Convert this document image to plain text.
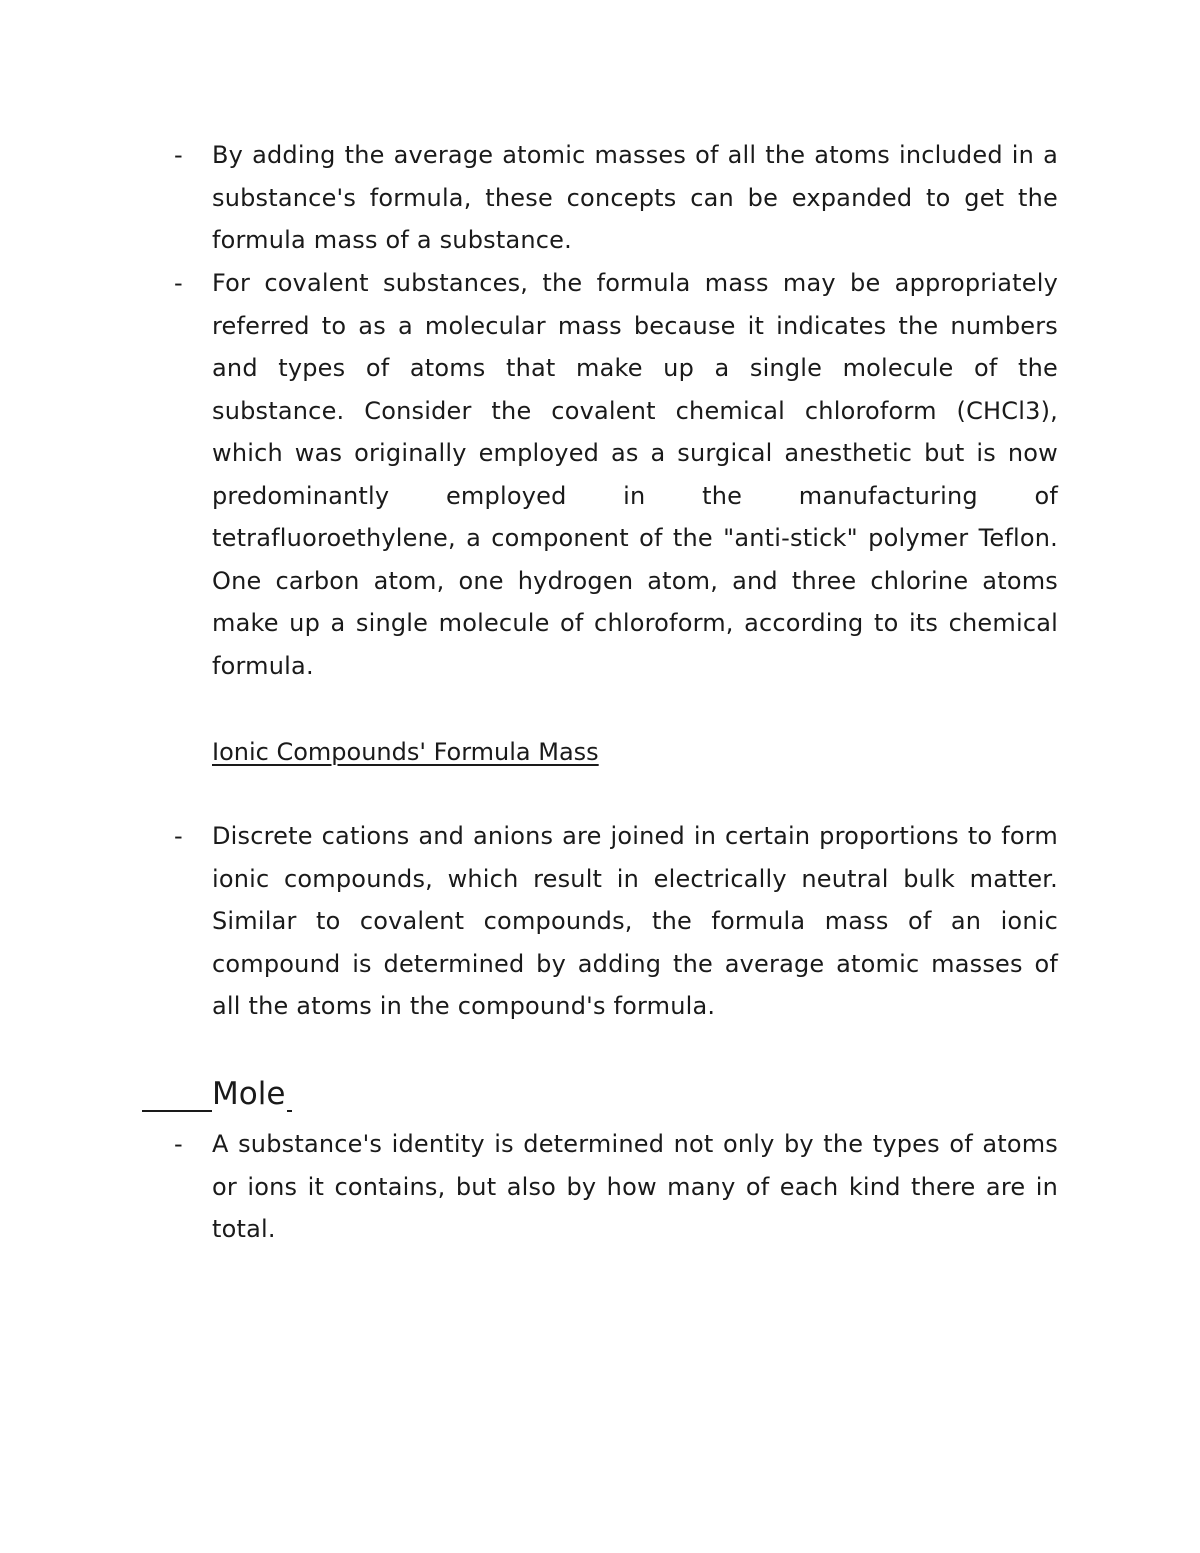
-	By adding the average atomic masses of all the atoms included in a substance's formula, these concepts can be expanded to get the formula mass of a substance.
-	For covalent substances, the formula mass may be appropriately referred to as a molecular mass because it indicates the numbers and types of atoms that make up a single molecule of the substance. Consider the covalent chemical chloroform (CHCl3), which was originally employed as a surgical anesthetic but is now predominantly employed in the manufacturing of tetrafluoroethylene, a component of the "anti-stick" polymer Teflon. One carbon atom, one hydrogen atom, and three chlorine atoms make up a single molecule of chloroform, according to its chemical formula.
Ionic Compounds' Formula Mass
-	Discrete cations and anions are joined in certain proportions to form ionic compounds, which result in electrically neutral bulk matter. Similar to covalent compounds, the formula mass of an ionic compound is determined by adding the average atomic masses of all the atoms in the compound's formula.
Mole
-	A substance's identity is determined not only by the types of atoms or ions it contains, but also by how many of each kind there are in total.
